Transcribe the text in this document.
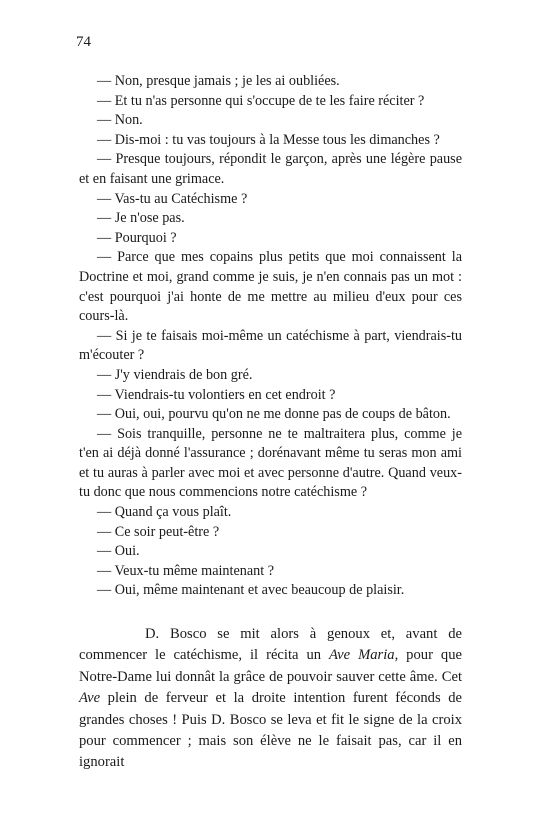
74

— Non, presque jamais ; je les ai oubliées.

— Et tu n'as personne qui s'occupe de te les faire réciter ?

— Non.

— Dis-moi : tu vas toujours à la Messe tous les dimanches ?

— Presque toujours, répondit le garçon, après une légère pause et en faisant une grimace.

— Vas-tu au Catéchisme ?

— Je n'ose pas.

— Pourquoi ?

— Parce que mes copains plus petits que moi connaissent la Doctrine et moi, grand comme je suis, je n'en connais pas un mot : c'est pourquoi j'ai honte de me mettre au milieu d'eux pour ces cours-là.

— Si je te faisais moi-même un catéchisme à part, viendrais-tu m'écouter ?

— J'y viendrais de bon gré.

— Viendrais-tu volontiers en cet endroit ?

— Oui, oui, pourvu qu'on ne me donne pas de coups de bâton.

— Sois tranquille, personne ne te maltraitera plus, comme je t'en ai déjà donné l'assurance ; dorénavant même tu seras mon ami et tu auras à parler avec moi et avec personne d'autre. Quand veux-tu donc que nous commencions notre catéchisme ?

— Quand ça vous plaît.

— Ce soir peut-être ?

— Oui.

— Veux-tu même maintenant ?

— Oui, même maintenant et avec beaucoup de plaisir.

D. Bosco se mit alors à genoux et, avant de commencer le catéchisme, il récita un Ave Maria, pour que Notre-Dame lui donnât la grâce de pouvoir sauver cette âme. Cet Ave plein de ferveur et la droite intention furent féconds de grandes choses ! Puis D. Bosco se leva et fit le signe de la croix pour commencer ; mais son élève ne le faisait pas, car il en ignorait
